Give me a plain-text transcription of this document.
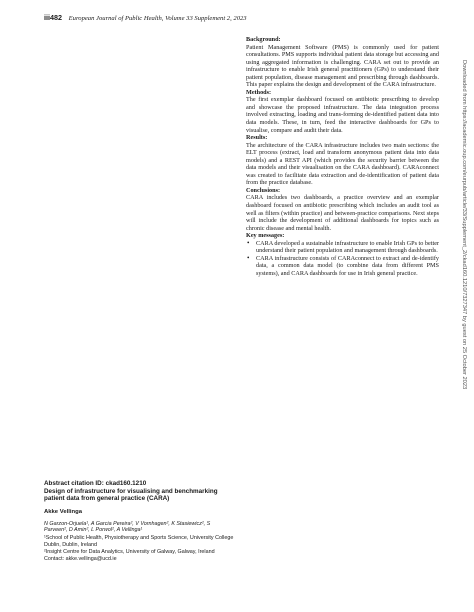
iii482 European Journal of Public Health, Volume 33 Supplement 2, 2023
Background:

Patient Management Software (PMS) is commonly used for patient consultations. PMS supports individual patient data storage but accessing and using aggregated information is challenging. CARA set out to provide an infrastructure to enable Irish general practitioners (GPs) to understand their patient population, disease management and prescribing through dashboards. This paper explains the design and development of the CARA infrastructure.

Methods:

The first exemplar dashboard focused on antibiotic prescribing to develop and showcase the proposed infrastructure. The data integration process involved extracting, loading and trans-forming de-identified patient data into data models. These, in turn, feed the interactive dashboards for GPs to visualise, compare and audit their data.

Results:

The architecture of the CARA infrastructure includes two main sections: the ELT process (extract, load and transform anonymous patient data into data models) and a REST API (which provides the security barrier between the data models and their visualisation on the CARA dashboard). CARAconnect was created to facilitate data extraction and de-identification of patient data from the practice database.

Conclusions:

CARA includes two dashboards, a practice overview and an exemplar dashboard focused on antibiotic prescribing which includes an audit tool as well as filters (within practice) and between-practice comparisons. Next steps will include the development of additional dashboards for topics such as chronic disease and mental health.

Key messages:
• CARA developed a sustainable infrastructure to enable Irish GPs to better understand their patient population and management through dashboards.
• CARA infrastructure consists of CARAconnect to extract and de-identify data, a common data model (to combine data from different PMS systems), and CARA dashboards for use in Irish general practice.

Abstract citation ID: ckad160.1210

Design of infrastructure for visualising and benchmarking patient data from general practice (CARA)

Akke Vellinga
N Garzon-Orjuela¹, A Garcia Pereira², V Vornhagen², K Stasiewicz², S Parveen², D Amin², L Porwol², A Vellinga¹
¹School of Public Health, Physiotherapy and Sports Science, University College Dublin, Dublin, Ireland
²Insight Centre for Data Analytics, University of Galway, Galway, Ireland
Contact: akke.vellinga@ucd.ie
Downloaded from https://academic.oup.com/eurpub/article/33/Supplement_2/ckad160.1210/7327347 by guest on 25 October 2023
